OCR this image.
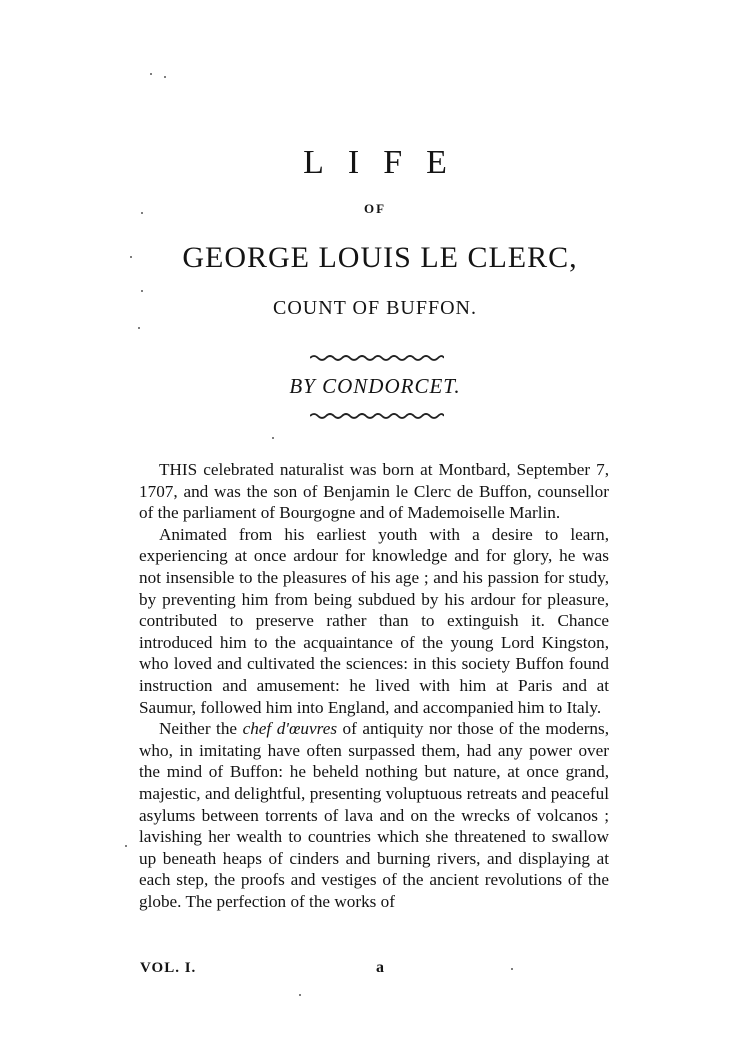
LIFE
OF
GEORGE LOUIS LE CLERC,
COUNT OF BUFFON.
BY CONDORCET.

THIS celebrated naturalist was born at Montbard, September 7, 1707, and was the son of Benjamin le Clerc de Buffon, counsellor of the parliament of Bourgogne and of Mademoiselle Marlin.

Animated from his earliest youth with a desire to learn, experiencing at once ardour for knowledge and for glory, he was not insensible to the pleasures of his age ; and his passion for study, by preventing him from being subdued by his ardour for pleasure, contributed to preserve rather than to extinguish it. Chance introduced him to the acquaintance of the young Lord Kingston, who loved and cultivated the sciences: in this society Buffon found instruction and amusement: he lived with him at Paris and at Saumur, followed him into England, and accompanied him to Italy.

Neither the chef d'œuvres of antiquity nor those of the moderns, who, in imitating have often surpassed them, had any power over the mind of Buffon: he beheld nothing but nature, at once grand, majestic, and delightful, presenting voluptuous retreats and peaceful asylums between torrents of lava and on the wrecks of volcanos ; lavishing her wealth to countries which she threatened to swallow up beneath heaps of cinders and burning rivers, and displaying at each step, the proofs and vestiges of the ancient revolutions of the globe. The perfection of the works of

VOL. I.	a
